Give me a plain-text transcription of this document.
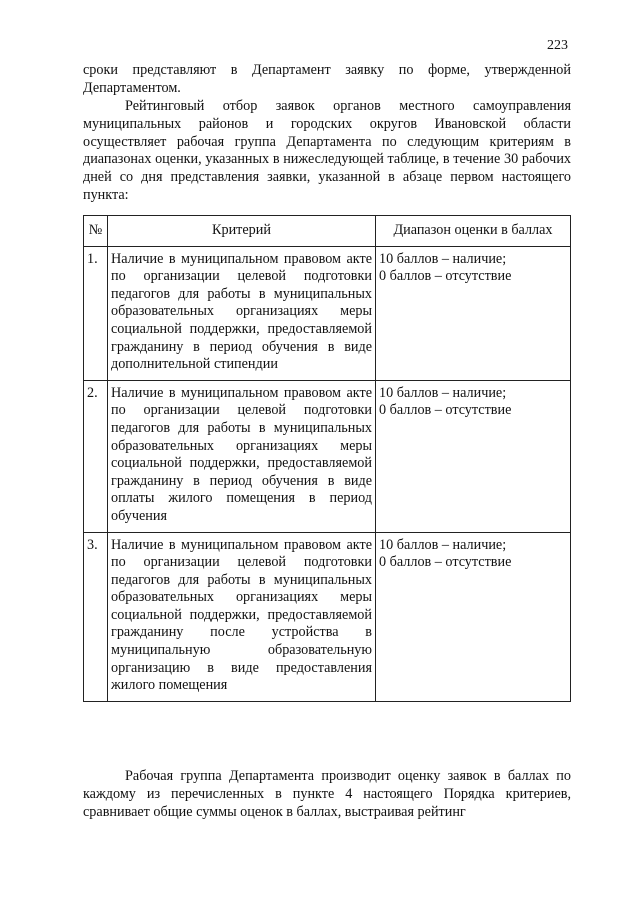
223

сроки представляют в Департамент заявку по форме, утвержденной Департаментом.

Рейтинговый отбор заявок органов местного самоуправления муниципальных районов и городских округов Ивановской области осуществляет рабочая группа Департамента по следующим критериям в диапазонах оценки, указанных в нижеследующей таблице, в течение 30 рабочих дней со дня представления заявки, указанной в абзаце первом настоящего пункта:

№	Критерий	Диапазон оценки в баллах
1.	Наличие в муниципальном правовом акте по организации целевой подготовки педагогов для работы в муниципальных образовательных организациях меры социальной поддержки, предоставляемой гражданину в период обучения в виде дополнительной стипендии	10 баллов – наличие;
0 баллов – отсутствие

2.	Наличие в муниципальном правовом акте по организации целевой подготовки педагогов для работы в муниципальных образовательных организациях меры социальной поддержки, предоставляемой гражданину в период обучения в виде оплаты жилого помещения в период обучения	10 баллов – наличие;
0 баллов – отсутствие

3.	Наличие в муниципальном правовом акте по организации целевой подготовки педагогов для работы в муниципальных образовательных организациях меры социальной поддержки, предоставляемой гражданину после устройства в муниципальную образовательную организацию в виде предоставления жилого помещения	10 баллов – наличие;
0 баллов – отсутствие

Рабочая группа Департамента производит оценку заявок в баллах по каждому из перечисленных в пункте 4 настоящего Порядка критериев, сравнивает общие суммы оценок в баллах, выстраивая рейтинг
